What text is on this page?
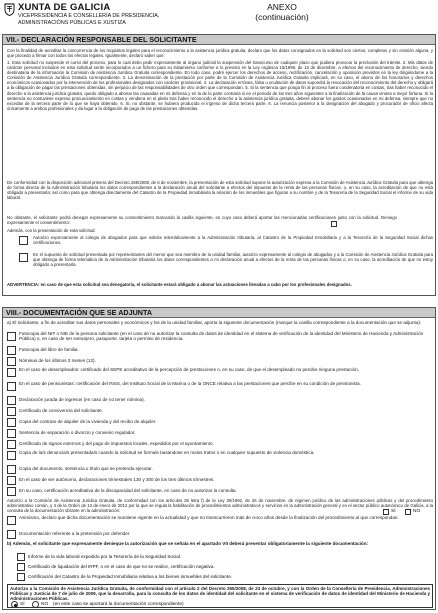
XUNTA DE GALICIA
VICEPRESIDENCIA E CONSELLERÍA DE PRESIDENCIA, ADMINISTRACIÓNS PÚBLICAS E XUSTIZA
ANEXO
(continuación)
VII.- DECLARACIÓN RESPONSABLE DEL SOLICITANTE
Con la finalidad de acreditar la concurrencia de los requisitos legales para el reconocimiento a la asistencia jurídica gratuita, declaro que los datos consignados en la solicitud son ciertos, completos y sin omisión alguna, y que procedo a firmar con todos los efectos legales. Igualmente, declaro saber que:
1. Esta solicitud no suspende el curso del proceso, para lo cual debo pedir expresamente al órgano judicial la suspensión del transcurso de cualquier plazo que pudiera provocar la preclusión del trámite. 2. Mis datos de carácter personal incluidos en esta solicitud serán incorporados a un fichero para su tratamiento conforme a lo previsto en la Ley orgánica 15/1999, de 13 de diciembre, a efectos del reconocimiento de derecho, siendo destinataria de la información la Comisión de Asistencia Jurídica Gratuita correspondiente. En todo caso, podré ejercer los derechos de acceso, rectificación, cancelación y oposición previstos en la ley dirigiéndome a la Comisión de Asistencia Jurídica Gratuita correspondiente. 3. La denominación de la prestación por parte de la Comisión de Asistencia Jurídica Gratuita implicará, en su caso, el abono de los honorarios y derechos económicos ocasionados por la intervención de los profesionales designados con carácter provisional. 4. La declaración errónea, falsa u ocultación de datos supondrá la revocación del reconocimiento del derecho y obligará a la obligación de pagar las prestaciones obtenidas, sin perjuicio de las responsabilidades de otro orden que correspondan. 5. Si la sentencia que ponga fin al proceso fuera condenatoria en costas, tras haber reconocido el derecho a la asistencia jurídica gratuita, quedo obligado a abonar las causadas en mi defensa y en la de la parte contraria si en el periodo de los tres años siguientes a la finalización de la causa viniera a mejor fortuna. Si la sentencia no contuviese expreso pronunciamiento en costas y vendiera en el pleito tras haber reconocido el derecho a la asistencia jurídica gratuita, deberé abonar los gastos ocasionados en mi defensa, siempre que no excedan de la tercera parte de lo que se haya obtenido. 6. Si, no obstante, se hubiera producido el ingreso de dicha tercera parte. 6. La renuncia posterior a la designación del abogado y procurador de oficio afecta únicamente a ambos profesionales y da lugar a la obligación de pago de las prestaciones obtenidas.
De conformidad con la disposición adicional primera del Decreto 269/2008, de 6 de noviembre, la presentación de esta solicitud supone la autorización expresa a la Comisión de Asistencia Jurídica Gratuita para que obtenga de forma directa de la Administración tributaria los datos correspondientes a la declaración anual del solicitante a efectos del impuesto de la renta de las personas físicas, o, en su caso, la acreditación de que no está obligado a presentarla; así como para que obtenga directamente del Catastro de la Propiedad Inmobiliaria la relación de los inmuebles que figuran a su nombre y de la Tesorería de la Seguridad Social el informe de su vida laboral.
No obstante, el solicitante podrá denegar expresamente su consentimiento marcando la casilla siguiente, en cuyo caso deberá aportar las mencionadas certificaciones junto con la solicitud. Deniego expresamente el consentimiento:
Además, con la presentación de esta solicitud:
Autorizo expresamente al colegio de abogados para que solicite telemáticamente a la Administración tributaria, al Catastro de la Propiedad Inmobiliaria y a la Tesorería de la Seguridad Social dichas certificaciones.
En el supuesto de solicitud presentada por representantes del menor que sea miembro de la unidad familiar, autorizo expresamente al colegio de abogados y a la Comisión de Asistencia Jurídica Gratuita para que obtenga de forma telemática de la Administración tributaria los datos correspondientes a mi declaración anual a efectos de la renta de las personas físicas o, en su caso, la acreditación de que no estoy obligado a presentarla.
ADVERTENCIA: en caso de que esta solicitud sea denegatoria, el solicitante estará obligado a abonar las actuaciones llevadas a cabo por los profesionales designados.
VIII.- DOCUMENTACIÓN QUE SE ADJUNTA
a) El solicitante, a fin de acreditar sus datos personales y económicos y los de la unidad familiar, aporta la siguiente documentación (marque la casilla correspondiente a la documentación que se adjunta):
Fotocopia del NIF o NIE de la persona solicitante (en el caso de no autorizar la consulta de datos de identidad en el sistema de verificación de la identidad del Ministerio de Hacienda y Administración Pública) o, en caso de ser extranjero, pasaporte, tarjeta o permiso de residencia.
Fotocopia del libro de familia.
Nóminas de los últimos 3 meses (12).
En el caso de desempleados: certificado del SEPE acreditativo de la percepción de prestaciones o, en su caso, de que el desempleado no percibe ninguna prestación.
En el caso de pensionistas: certificación del INSS, del Instituto Social de la Marina o de la ONCE relativa a las prestaciones que percibe en su condición de pensionista.
Declaración jurada de ingresos (en caso de no tener nómina).
Certificado de convivencia del solicitante.
Copia del contrato de alquiler de la vivienda y del recibo de alquiler.
Sentencia de separación o divorcio y convenio regulador.
Certificado de signos externos y del pago de impuestos locales, expedidos por el ayuntamiento.
Copia de la/s denuncia/s presentada/s cuando la solicitud se formule basándose en malos tratos o en cualquier supuesto de violencia doméstica.
Copia del documento, sentencia u título que se pretenda ejecutar.
En el caso de ser autónomo, declaraciones trimestrales 130 y 300 de los tres últimos trimestres.
En su caso, certificación acreditativa de la discapacidad del solicitante, en caso de no autorizar la consulta.
Autorizo a la Comisión de Asistencia Jurídica Gratuita, de conformidad con los artículos 35 letra f) de la Ley 30/1992, de 26 de noviembre, de régimen jurídico de las administraciones públicas y del procedimiento administrativo común, y 4 de la Orden de 12 de enero de 2012 por la que se regula la habilitación de procedimientos administrativos y servicios en la administración general y en el sector público autonómico de Galicia, a la consulta de la documentación obrante en la administración:	SÍ	NO
Asimismo, declaro que dicha documentación se mantiene vigente en la actualidad y que no transcurrieron más de cinco años desde la finalización del procedimiento al que correspondan.
Documentación referente a la pretensión por defender.
b) Además, el solicitante que expresamente denieque la autorización que se señala en el apartado VII deberá presentar obligatoriamente la siguiente documentación:
Informe de la vida laboral expedido por la Tesorería de la Seguridad Social.
Certificado de liquidación del IRPF, o en el caso de que no se realice, certificación negativa.
Certificación del Catastro de la Propiedad Inmobiliaria relativa a los bienes inmuebles del solicitante.
Autorizo a la Comisión de Asistencia Jurídica Gratuita, de conformidad con el artículo 2 del Decreto 255/2008, de 23 de octubre, y con la Orden de la Consellería de Presidencia, Administraciones Públicas y Justicia de 7 de julio de 2009, que la desarrolla, para la consulta de los datos de identidad del solicitante en el sistema de verificación de datos de identidad del Ministerio de Hacienda y Administraciones Públicas.
SÍ	NO (en este caso se aportará la documentación correspondiente)
